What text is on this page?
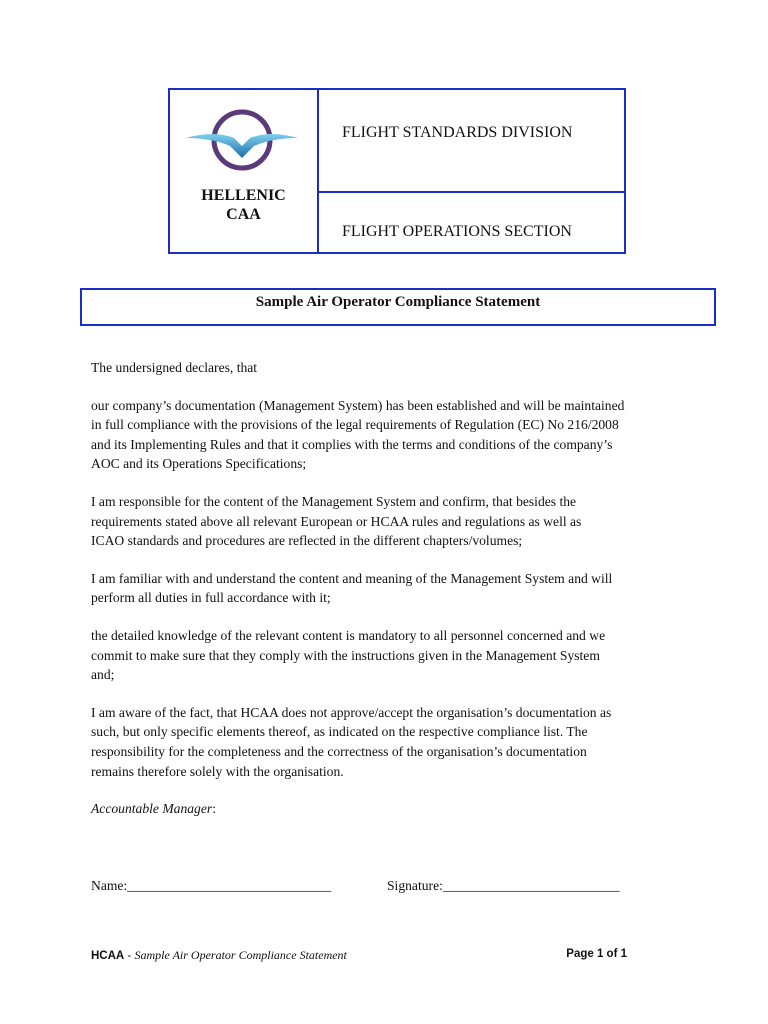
HELLENIC
CAA
FLIGHT STANDARDS DIVISION
FLIGHT OPERATIONS SECTION
Sample Air Operator Compliance Statement

The undersigned declares, that

our company’s documentation (Management System) has been established and will be maintained
in full compliance with the provisions of the legal requirements of Regulation (EC) No 216/2008
and its Implementing Rules and that it complies with the terms and conditions of the company’s
AOC and its Operations Specifications;

I am responsible for the content of the Management System and confirm, that besides the
requirements stated above all relevant European or HCAA rules and regulations as well as
ICAO standards and procedures are reflected in the different chapters/volumes;

I am familiar with and understand the content and meaning of the Management System and will
perform all duties in full accordance with it;

the detailed knowledge of the relevant content is mandatory to all personnel concerned and we
commit to make sure that they comply with the instructions given in the Management System
and;

I am aware of the fact, that HCAA does not approve/accept the organisation’s documentation as
such, but only specific elements thereof, as indicated on the respective compliance list. The
responsibility for the completeness and the correctness of the organisation’s documentation
remains therefore solely with the organisation.

Accountable Manager:

Name:______________________________	Signature:__________________________
HCAA - Sample Air Operator Compliance Statement	Page 1 of 1
